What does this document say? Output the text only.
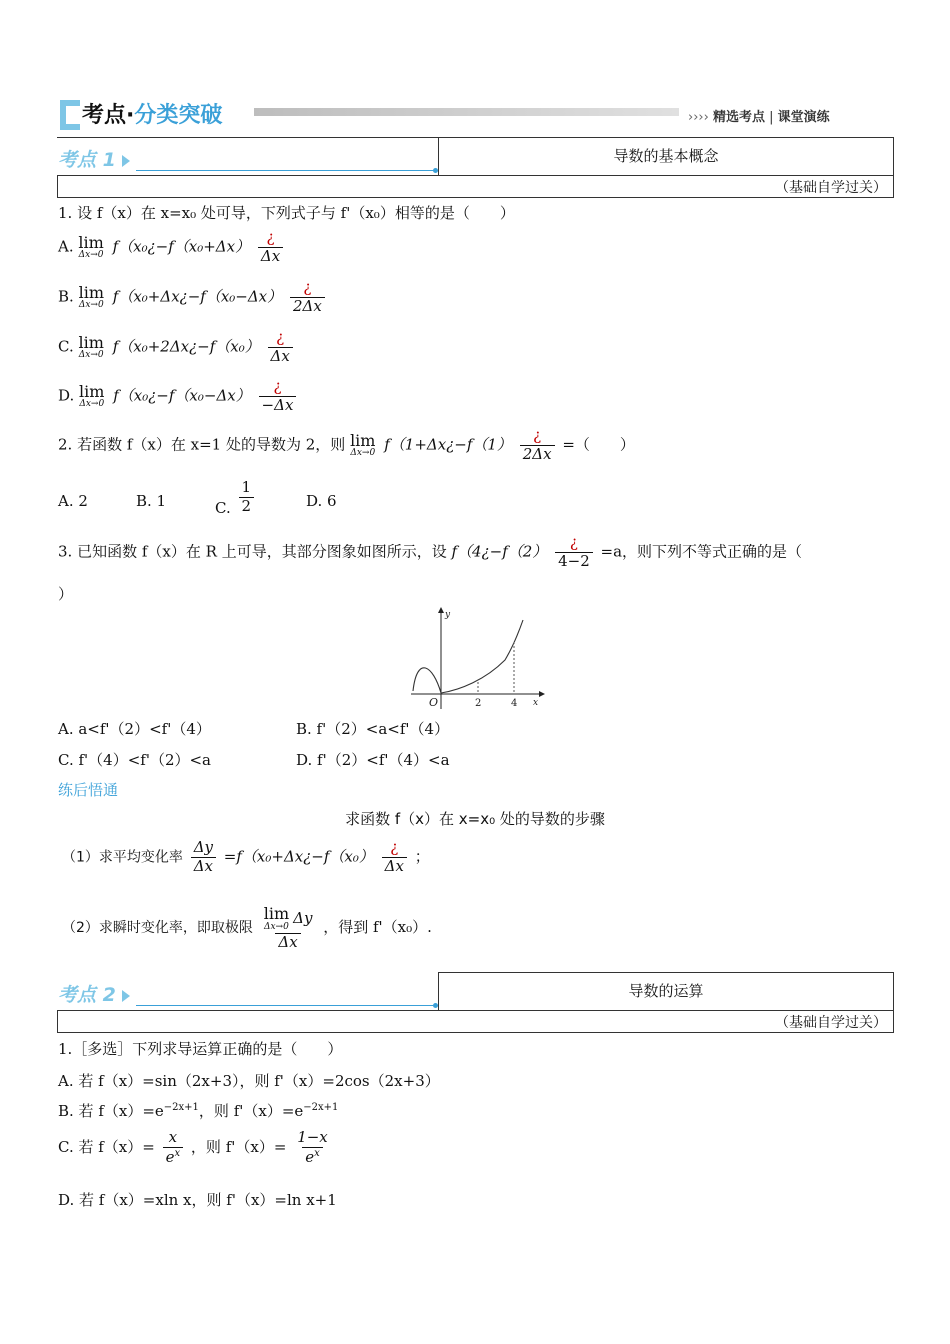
考点·分类突破	›››› 精选考点 | 课堂演练
考点 1	导数的基本概念
（基础自学过关）
1. 设 f（x）在 x=x₀ 处可导，下列式子与 f'（x₀）相等的是（　　）
A. lim
Δx→0 f（x₀¿−f（x₀+Δx） $\frac{¿}{\Delta x}$
B. lim
Δx→0 f（x₀+Δx¿−f（x₀−Δx） $\frac{¿}{2\Delta x}$
C. lim
Δx→0 f（x₀+2Δx¿−f（x₀） $\frac{¿}{\Delta x}$
D. lim
Δx→0 f（x₀¿−f（x₀−Δx） $\frac{¿}{-\Delta x}$
2. 若函数 f（x）在 x=1 处的导数为 2，则 lim
Δx→0 f（1+Δx¿−f（1） $\frac{¿}{2\Delta x}$ =（　　）
A. 2	B. 1	C. $\frac{1}{2}$	D. 6
3. 已知函数 f（x）在 R 上可导，其部分图象如图所示，设 f（4¿−f（2） $\frac{¿}{4-2} =a$，则下列不等式正确的是（
）
y
x
O	2	4
A. a<f'（2）<f'（4）	B. f'（2）<a<f'（4）
C. f'（4）<f'（2）<a	D. f'（2）<f'（4）<a
练后悟通
求函数 f（x）在 x=x₀ 处的导数的步骤
（1）求平均变化率 $\frac{\Delta y}{\Delta x}$ =f（x₀+Δx¿−f（x₀） $\frac{¿}{\Delta x}$ ；
（2）求瞬时变化率，即取极限 lim
Δx→0 Δy
Δx ，得到 f'（x₀）.
考点 2	导数的运算
（基础自学过关）
1.［多选］下列求导运算正确的是（　　）
A. 若 f（x）=sin（2x+3），则 f'（x）=2cos（2x+3）
B. 若 $f(x)=e^{-2x+1}$，则 $f'(x)=e^{-2x+1}$
C. 若 $f(x)= \frac{x}{e^x}$ ，则 $f'(x)= \frac{1-x}{e^x}$
D. 若 f（x）=xln x，则 f'（x）=ln x+1
